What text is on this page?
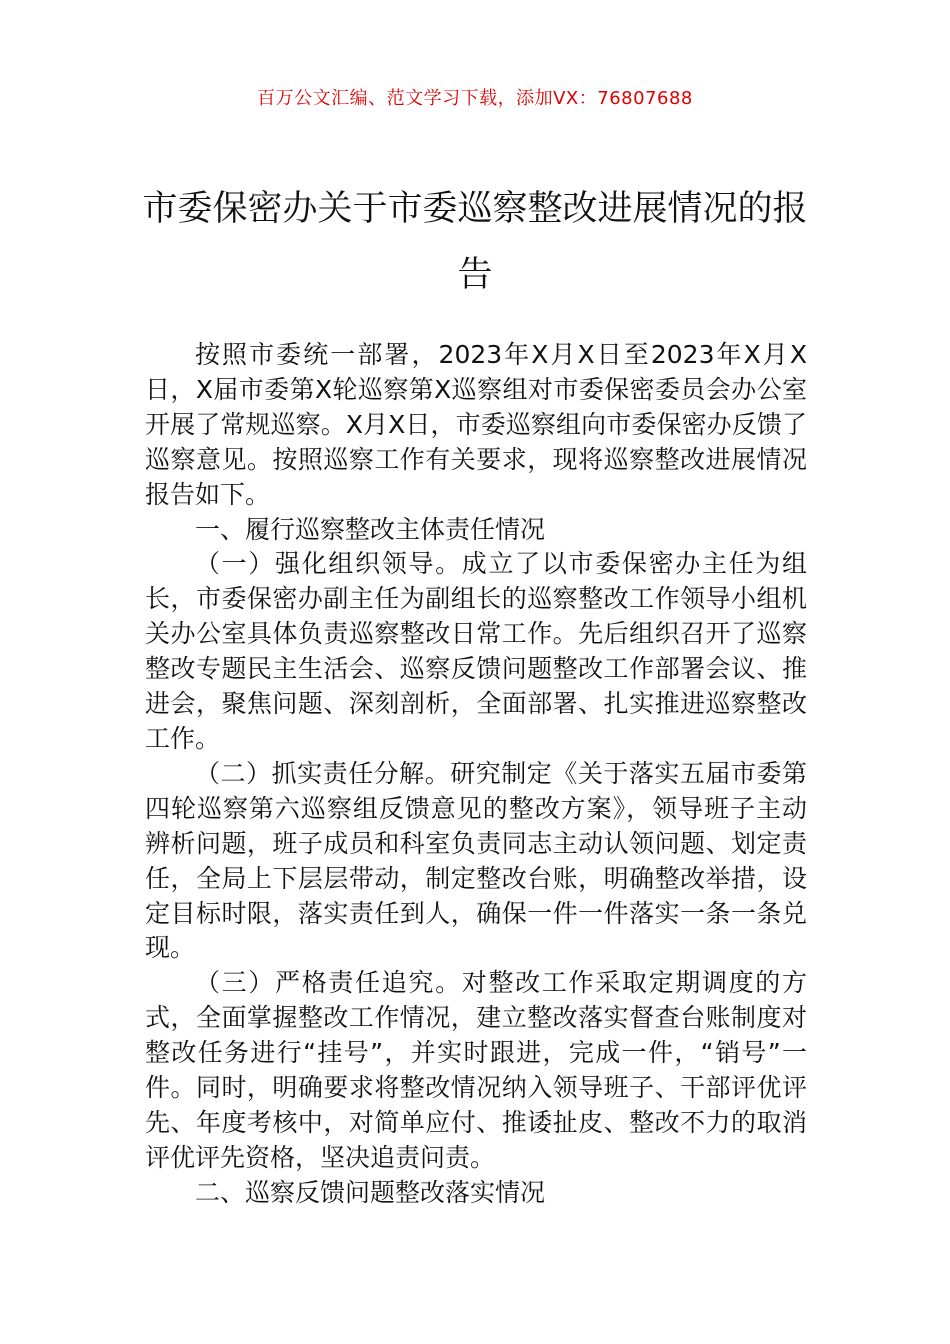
百万公文汇编、范文学习下载，添加VX：76807688
市委保密办关于市委巡察整改进展情况的报告

按照市委统一部署，2023年X月X日至2023年X月X日，X届市委第X轮巡察第X巡察组对市委保密委员会办公室开展了常规巡察。X月X日，市委巡察组向市委保密办反馈了巡察意见。按照巡察工作有关要求，现将巡察整改进展情况报告如下。

一、履行巡察整改主体责任情况

（一）强化组织领导。成立了以市委保密办主任为组长，市委保密办副主任为副组长的巡察整改工作领导小组机关办公室具体负责巡察整改日常工作。先后组织召开了巡察整改专题民主生活会、巡察反馈问题整改工作部署会议、推进会，聚焦问题、深刻剖析，全面部署、扎实推进巡察整改工作。

（二）抓实责任分解。研究制定《关于落实五届市委第四轮巡察第六巡察组反馈意见的整改方案》，领导班子主动辨析问题，班子成员和科室负责同志主动认领问题、划定责任，全局上下层层带动，制定整改台账，明确整改举措，设定目标时限，落实责任到人，确保一件一件落实一条一条兑现。

（三）严格责任追究。对整改工作采取定期调度的方式，全面掌握整改工作情况，建立整改落实督查台账制度对整改任务进行“挂号”，并实时跟进，完成一件，“销号”一件。同时，明确要求将整改情况纳入领导班子、干部评优评先、年度考核中，对简单应付、推诿扯皮、整改不力的取消评优评先资格，坚决追责问责。

二、巡察反馈问题整改落实情况
